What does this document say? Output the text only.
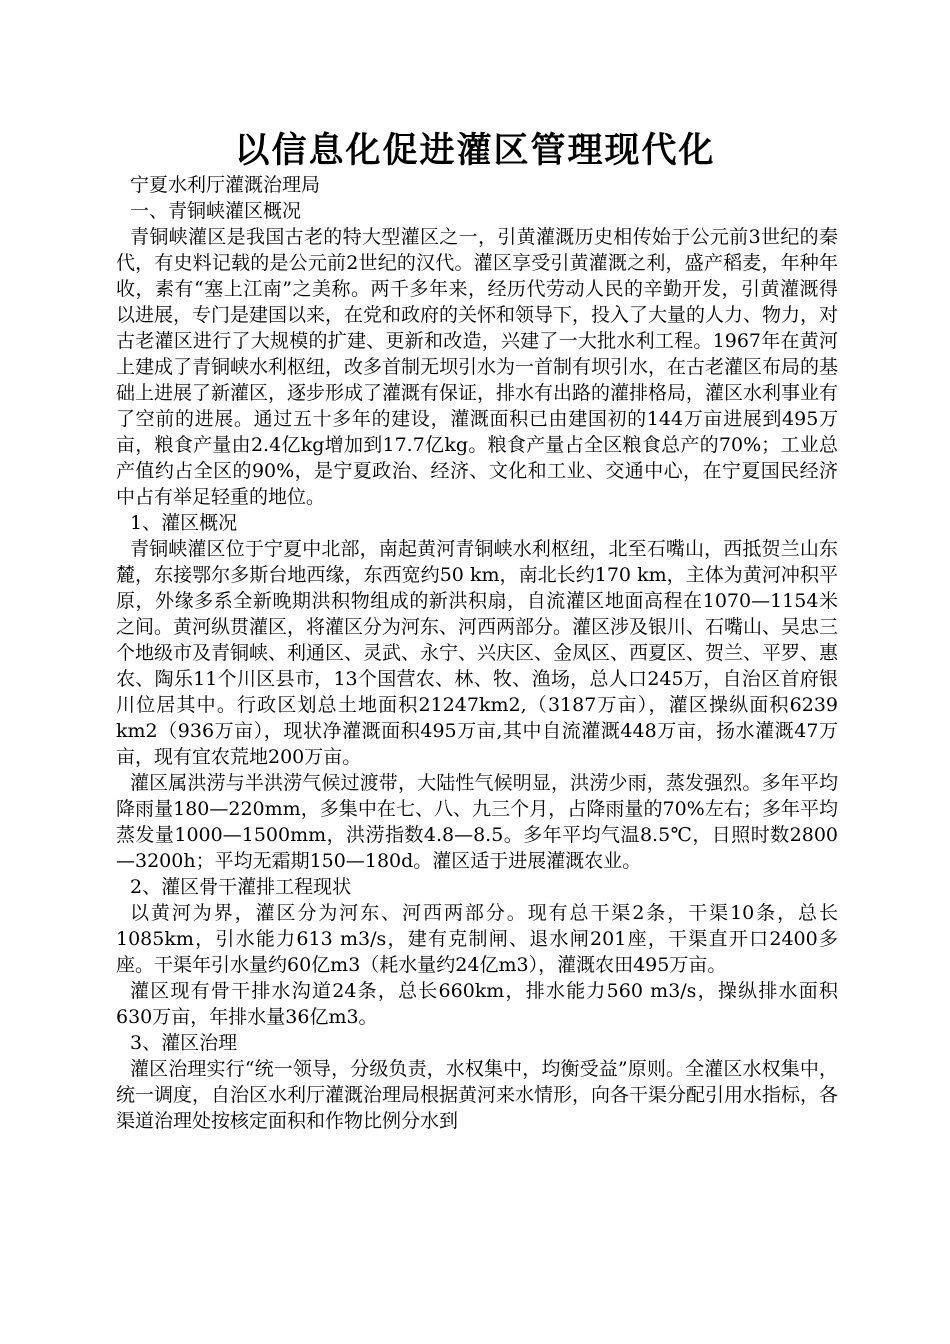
以信息化促进灌区管理现代化

宁夏水利厅灌溉治理局

一、青铜峡灌区概况

青铜峡灌区是我国古老的特大型灌区之一，引黄灌溉历史相传始于公元前3世纪的秦代，有史料记载的是公元前2世纪的汉代。灌区享受引黄灌溉之利，盛产稻麦，年种年收，素有“塞上江南”之美称。两千多年来，经历代劳动人民的辛勤开发，引黄灌溉得以进展，专门是建国以来，在党和政府的关怀和领导下，投入了大量的人力、物力，对古老灌区进行了大规模的扩建、更新和改造，兴建了一大批水利工程。1967年在黄河上建成了青铜峡水利枢纽，改多首制无坝引水为一首制有坝引水，在古老灌区布局的基础上进展了新灌区，逐步形成了灌溉有保证，排水有出路的灌排格局，灌区水利事业有了空前的进展。通过五十多年的建设，灌溉面积已由建国初的144万亩进展到495万亩，粮食产量由2.4亿kg增加到17.7亿kg。粮食产量占全区粮食总产的70%；工业总产值约占全区的90%，是宁夏政治、经济、文化和工业、交通中心，在宁夏国民经济中占有举足轻重的地位。

1、灌区概况

青铜峡灌区位于宁夏中北部，南起黄河青铜峡水利枢纽，北至石嘴山，西抵贺兰山东麓，东接鄂尔多斯台地西缘，东西宽约50 km，南北长约170 km，主体为黄河冲积平原，外缘多系全新晚期洪积物组成的新洪积扇，自流灌区地面高程在1070—1154米之间。黄河纵贯灌区，将灌区分为河东、河西两部分。灌区涉及银川、石嘴山、吴忠三个地级市及青铜峡、利通区、灵武、永宁、兴庆区、金凤区、西夏区、贺兰、平罗、惠农、陶乐11个川区县市，13个国营农、林、牧、渔场，总人口245万，自治区首府银川位居其中。行政区划总土地面积21247km2,（3187万亩），灌区操纵面积6239 km2（936万亩），现状净灌溉面积495万亩,其中自流灌溉448万亩，扬水灌溉47万亩，现有宜农荒地200万亩。

灌区属洪涝与半洪涝气候过渡带，大陆性气候明显，洪涝少雨，蒸发强烈。多年平均降雨量180—220mm，多集中在七、八、九三个月，占降雨量的70%左右；多年平均蒸发量1000—1500mm，洪涝指数4.8—8.5。多年平均气温8.5℃，日照时数2800—3200h；平均无霜期150—180d。灌区适于进展灌溉农业。

2、灌区骨干灌排工程现状

以黄河为界，灌区分为河东、河西两部分。现有总干渠2条，干渠10条，总长1085km，引水能力613 m3/s，建有克制闸、退水闸201座，干渠直开口2400多座。干渠年引水量约60亿m3（耗水量约24亿m3），灌溉农田495万亩。

灌区现有骨干排水沟道24条，总长660km，排水能力560 m3/s，操纵排水面积630万亩，年排水量36亿m3。

3、灌区治理

灌区治理实行“统一领导，分级负责，水权集中，均衡受益”原则。全灌区水权集中，统一调度，自治区水利厅灌溉治理局根据黄河来水情形，向各干渠分配引用水指标，各渠道治理处按核定面积和作物比例分水到
